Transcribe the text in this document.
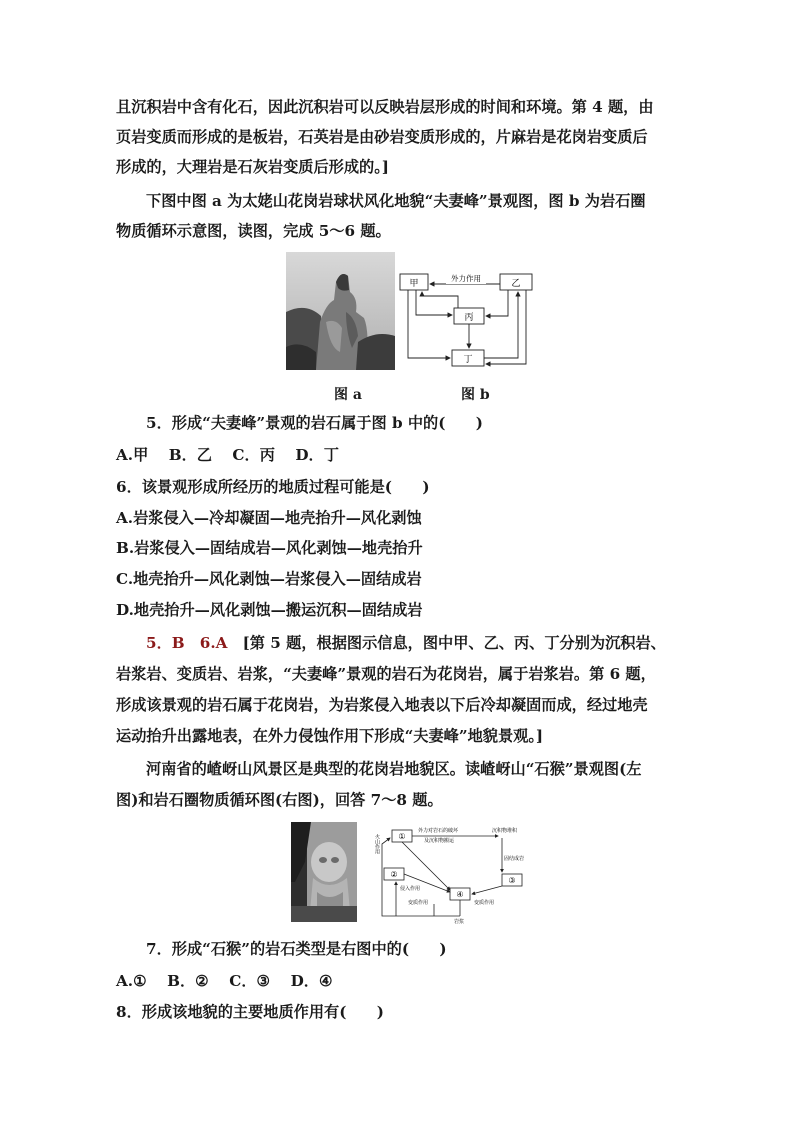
且沉积岩中含有化石，因此沉积岩可以反映岩层形成的时间和环境。第 4 题，由
页岩变质而形成的是板岩，石英岩是由砂岩变质形成的，片麻岩是花岗岩变质后
形成的，大理岩是石灰岩变质后形成的。]
下图中图 a 为太姥山花岗岩球状风化地貌“夫妻峰”景观图，图 b 为岩石圈
物质循环示意图，读图，完成 5～6 题。
甲	乙
丙
丁
外力作用
图 a	图 b
5．形成“夫妻峰”景观的岩石属于图 b 中的(　　)
A.甲　 B．乙　 C．丙　 D．丁
6．该景观形成所经历的地质过程可能是(　　)
A.岩浆侵入—冷却凝固—地壳抬升—风化剥蚀
B.岩浆侵入—固结成岩—风化剥蚀—地壳抬升
C.地壳抬升—风化剥蚀—岩浆侵入—固结成岩
D.地壳抬升—风化剥蚀—搬运沉积—固结成岩
5．B　6.A　[第 5 题，根据图示信息，图中甲、乙、丙、丁分别为沉积岩、
岩浆岩、变质岩、岩浆，“夫妻峰”景观的岩石为花岗岩，属于岩浆岩。第 6 题，
形成该景观的岩石属于花岗岩，为岩浆侵入地表以下后冷却凝固而成，经过地壳
运动抬升出露地表，在外力侵蚀作用下形成“夫妻峰”地貌景观。]
河南省的嵖岈山风景区是典型的花岗岩地貌区。读嵖岈山“石猴”景观图(左
图)和岩石圈物质循环图(右图)，回答 7～8 题。
①
②
③
④
火山作用
外力对岩石的破坏
及沉积物搬运
沉积物堆积
固结成岩
变质作用	变质作用
侵入作用
岩浆
7．形成“石猴”的岩石类型是右图中的(　　)
A.①　 B．②　 C．③　 D．④
8．形成该地貌的主要地质作用有(　　)
